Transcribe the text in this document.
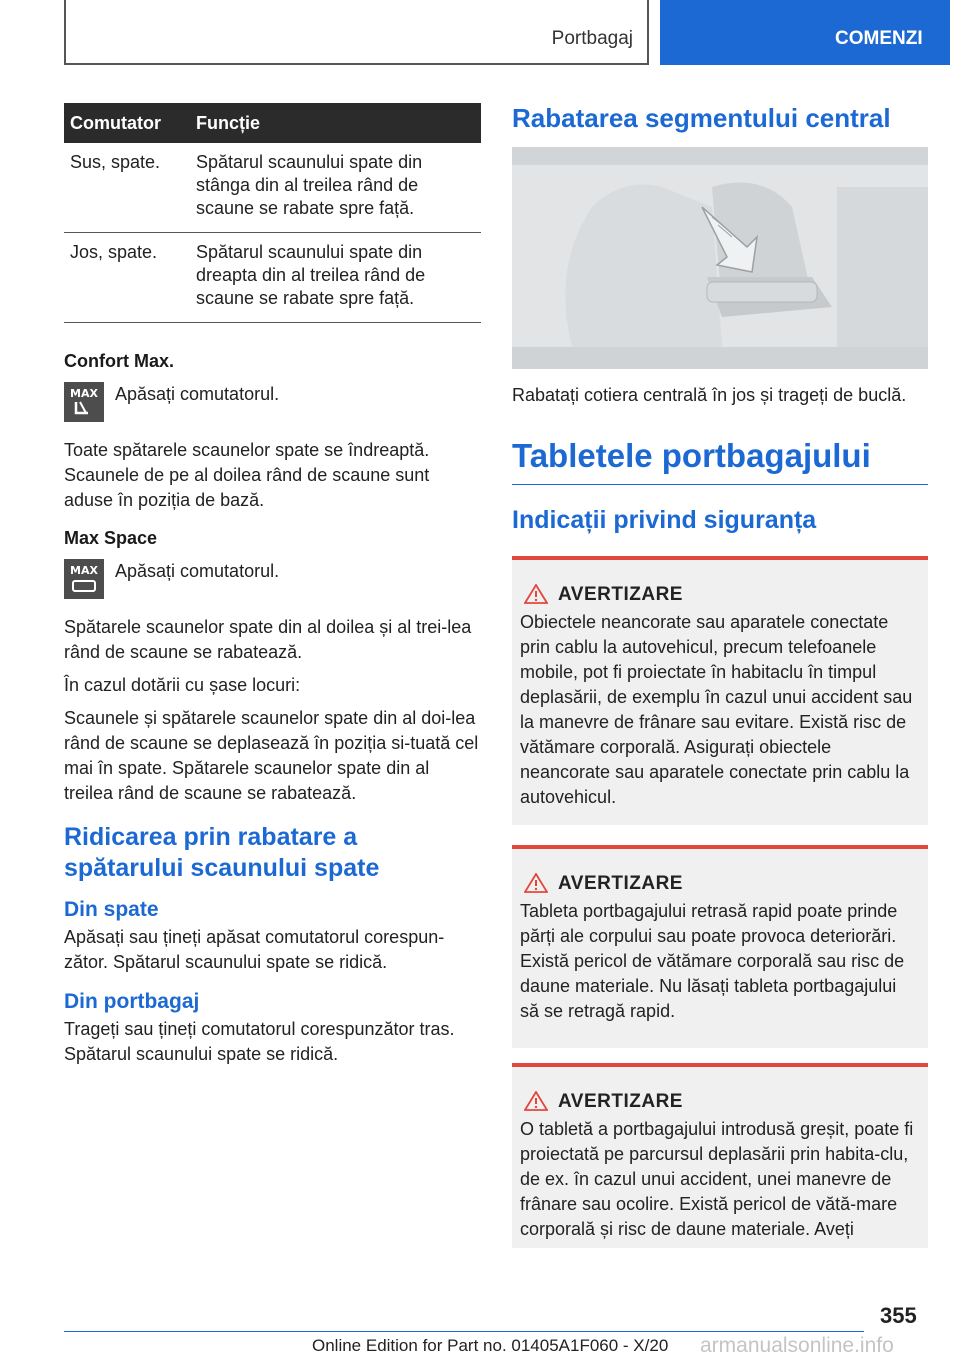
Portbagaj	COMENZI
Comutator	Funcție
Sus, spate.	Spătarul scaunului spate din stânga din al treilea rând de scaune se rabate spre față.
Jos, spate.	Spătarul scaunului spate din dreapta din al treilea rând de scaune se rabate spre față.
Confort Max.
MAX Apăsați comutatorul.
Toate spătarele scaunelor spate se îndreaptă. Scaunele de pe al doilea rând de scaune sunt aduse în poziția de bază.
Max Space
MAX Apăsați comutatorul.
Spătarele scaunelor spate din al doilea și al trei-lea rând de scaune se rabatează.
În cazul dotării cu șase locuri:
Scaunele și spătarele scaunelor spate din al doi-lea rând de scaune se deplasează în poziția si-tuată cel mai în spate. Spătarele scaunelor spate din al treilea rând de scaune se rabatează.
Ridicarea prin rabatare a spătarului scaunului spate
Din spate
Apăsați sau țineți apăsat comutatorul corespun-zător. Spătarul scaunului spate se ridică.
Din portbagaj
Trageți sau țineți comutatorul corespunzător tras. Spătarul scaunului spate se ridică.
Rabatarea segmentului central
Rabatați cotiera centrală în jos și trageți de buclă.
Tabletele portbagajului
Indicații privind siguranța
AVERTIZARE
Obiectele neancorate sau aparatele conectate prin cablu la autovehicul, precum telefoanele mobile, pot fi proiectate în habitaclu în timpul deplasării, de exemplu în cazul unui accident sau la manevre de frânare sau evitare. Există risc de vătămare corporală. Asigurați obiectele neancorate sau aparatele conectate prin cablu la autovehicul.
AVERTIZARE
Tableta portbagajului retrasă rapid poate prinde părți ale corpului sau poate provoca deteriorări. Există pericol de vătămare corporală sau risc de daune materiale. Nu lăsați tableta portbagajului să se retragă rapid.
AVERTIZARE
O tabletă a portbagajului introdusă greșit, poate fi proiectată pe parcursul deplasării prin habita-clu, de ex. în cazul unui accident, unei manevre de frânare sau ocolire. Există pericol de vătă-mare corporală și risc de daune materiale. Aveți
355
Online Edition for Part no. 01405A1F060 - X/20 armanualsonline.info
